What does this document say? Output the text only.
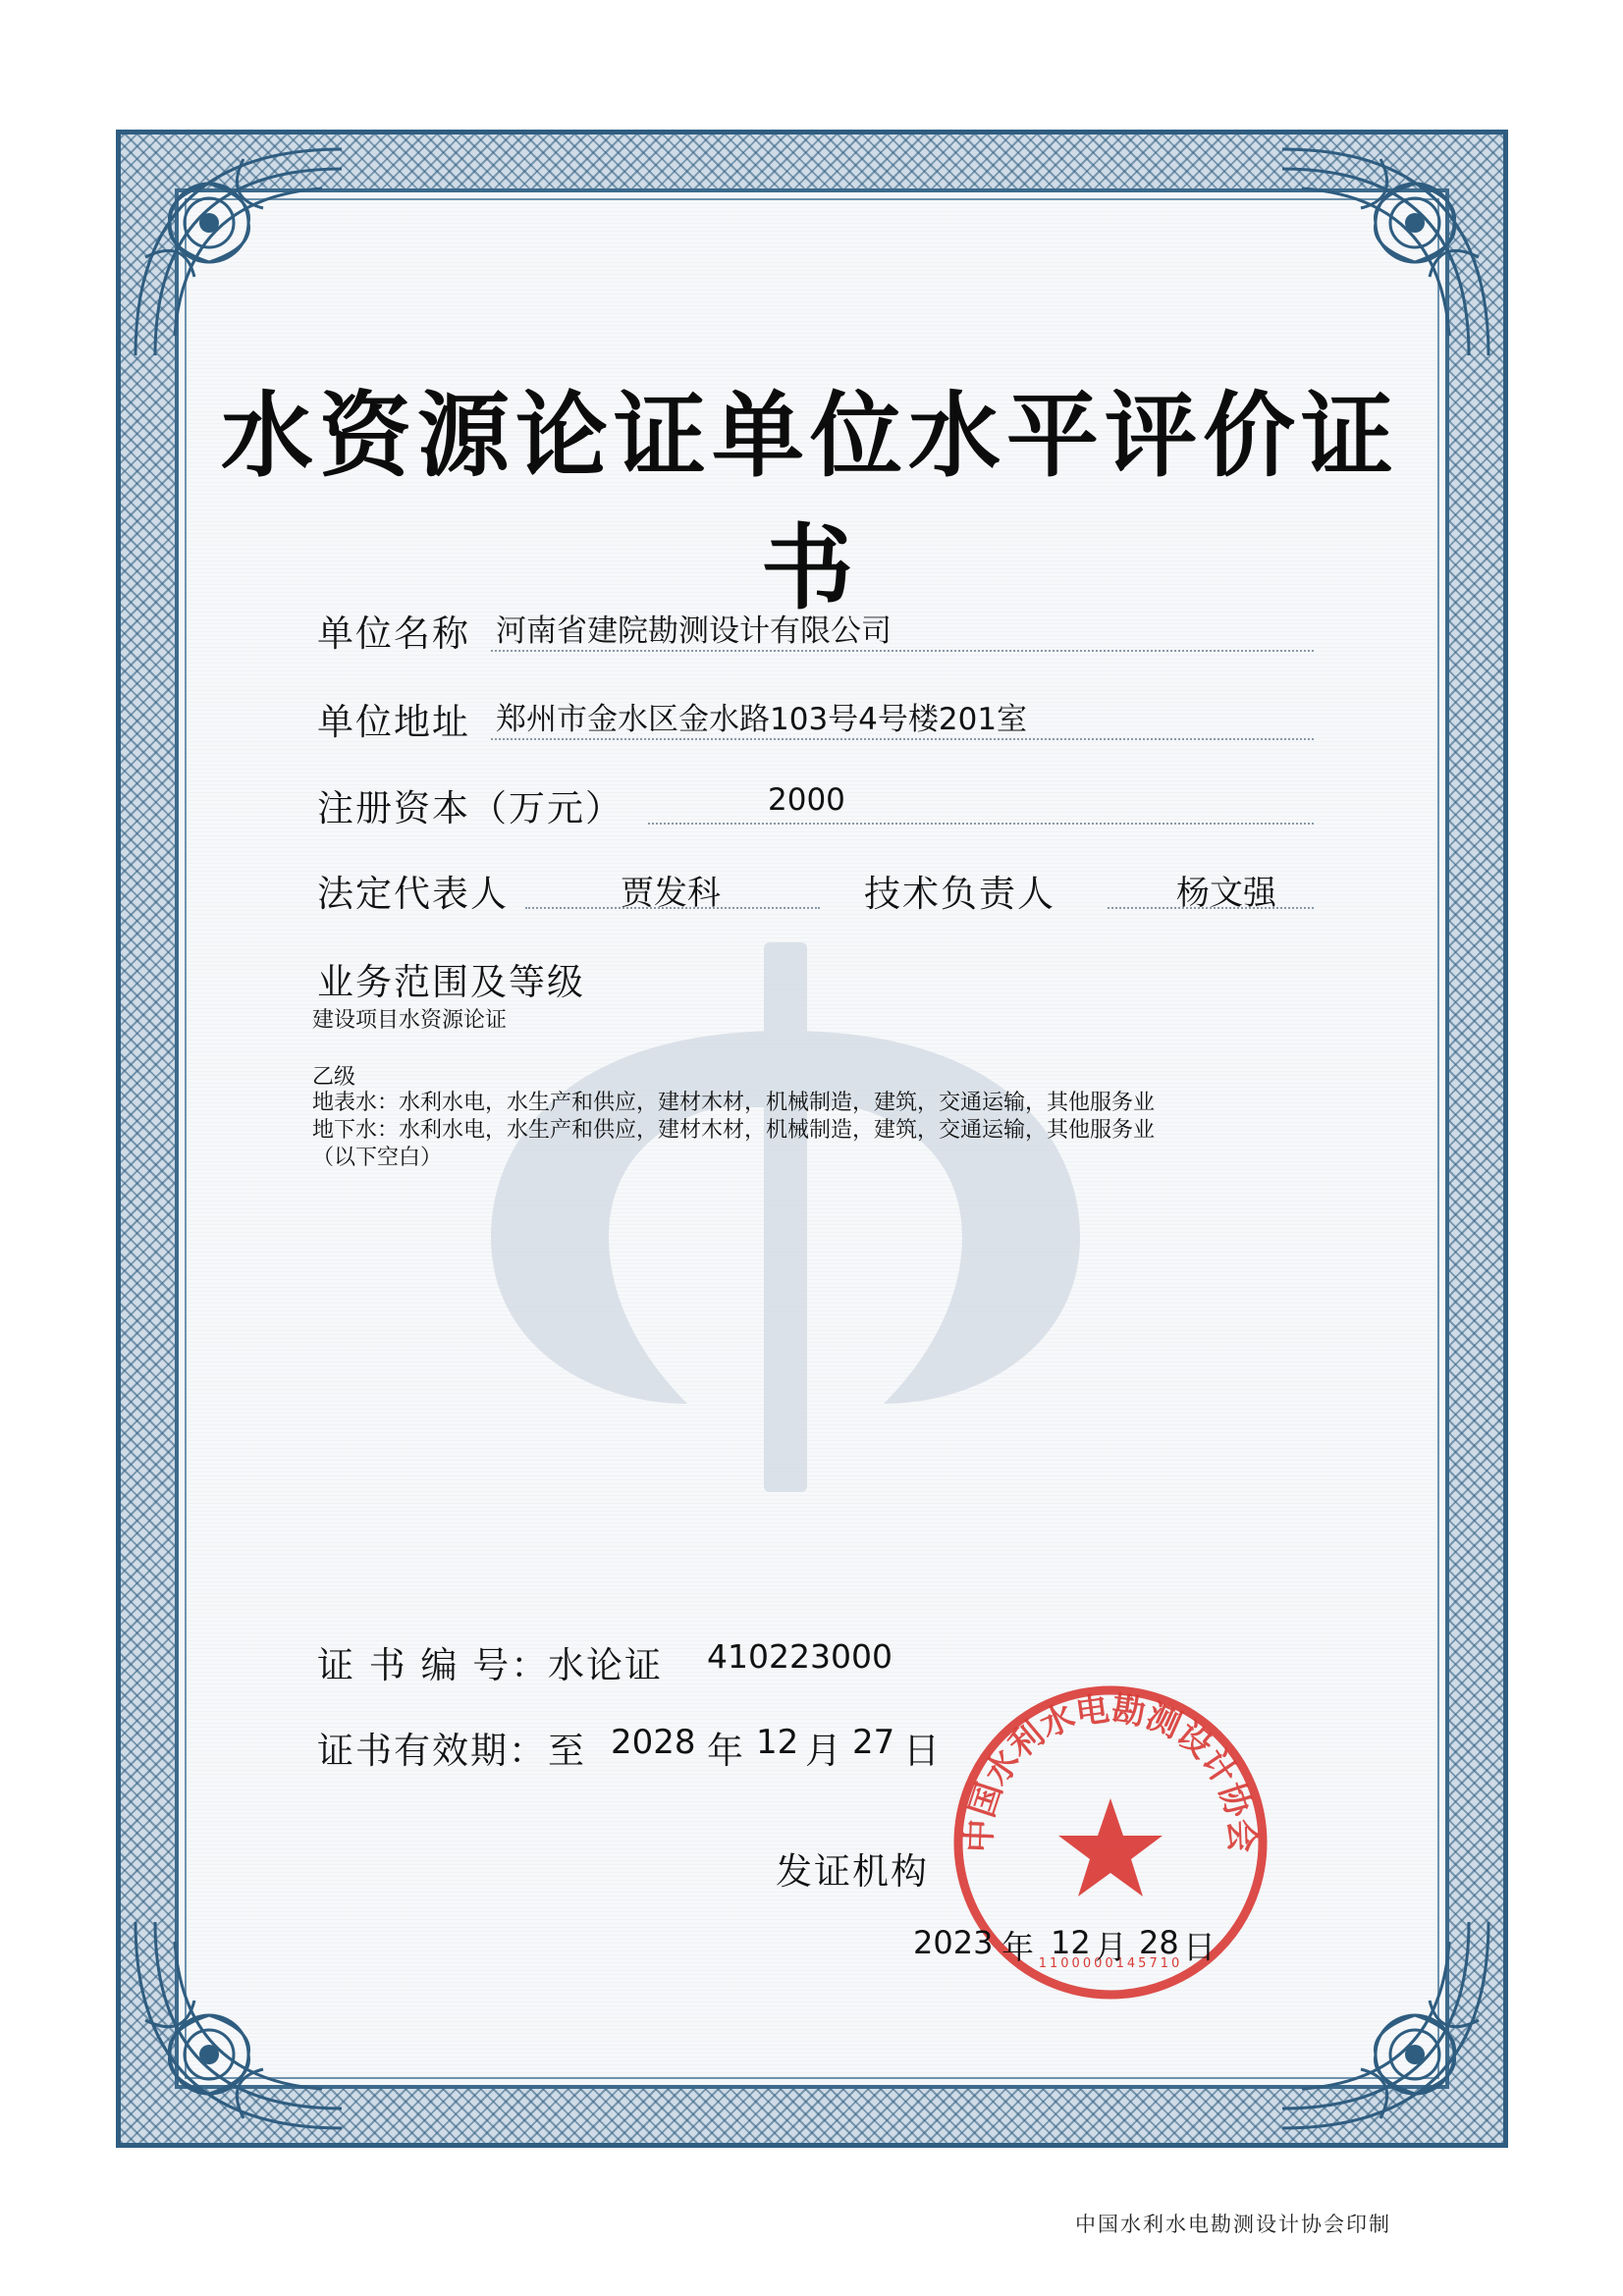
水资源论证单位水平评价证书
单位名称 河南省建院勘测设计有限公司
单位地址 郑州市金水区金水路103号4号楼201室
注册资本（万元）	2000
法定代表人	贾发科	技术负责人	杨文强
业务范围及等级
建设项目水资源论证
乙级
地表水：水利水电，水生产和供应，建材木材，机械制造，建筑，交通运输，其他服务业
地下水：水利水电，水生产和供应，建材木材，机械制造，建筑，交通运输，其他服务业
（以下空白）
证 书 编 号：
水论证 410223000
证书有效期： 至 2028 年 12 月 27 日
发证机构
中国水利水电勘测设计协会
1100000145710
2023 年 12 月 28 日
中国水利水电勘测设计协会印制
